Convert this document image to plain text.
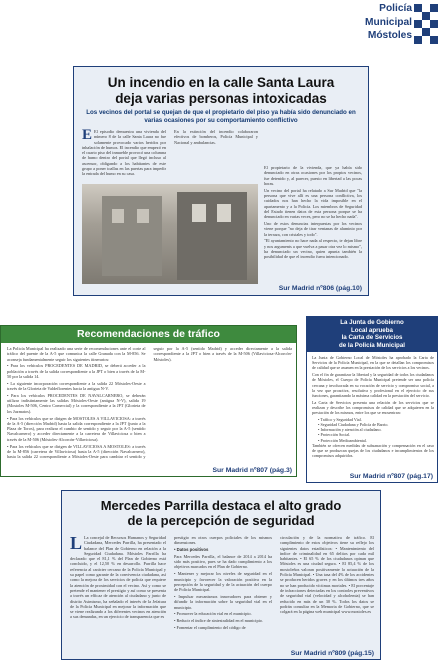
Policía
Municipal
Móstoles
Un incendio en la calle Santa Laura
deja varias personas intoxicadas
Los vecinos del portal se quejan de que el propietario del piso ya había sido denunciado en varias ocasiones por su comportamiento conflictivo

E El episodio demuestra una vivienda del número 8 de la calle Santa Laura no fue solamente provocado varios heridos por inhalación de humos. El incendio que empezó en el cuarto piso del inmueble provocó una columna de humo dentro del portal que llegó incluso al ascensor, obligando a los habitantes de este grupo a poner toallas en las puertas para impedir la entrada del humo en su casa.

En la extinción del incendio colaboraron efectivos de bomberos, Policía Municipal y Nacional y ambulancias.

El propietario de la vivienda, que ya había sido denunciado en otras ocasiones por los propios vecinos, fue detenido y, al parecer, puesto en libertad a las pocas horas.

Un vecino del portal ha relatado a Sur Madrid que "la persona que vive allí es una persona conflictiva, los cuidados nos han hecho la vida imposible en el apartamento y a la Policía. Los miembros de Seguridad del Estado tienen datos de esta persona porque se ha denunciado en varias veces, pero no se ha hecho nada".

Uno de estos denuncias interpuestas por los vecinos viene porque "no deja de tirar ventanas de aluminio por la terraza, con cristales y todo".

"El ayuntamiento no hace nada al respecto, te dejan libre y nos arguments a que vuelva a pasar otra vez lo mismo", ha denunciado un vecino, quien apunta también la posibilidad de que el incendio fuera intencionado.

Sur Madrid nº806 (pág.10)
Recomendaciones de tráfico

La Policía Municipal ha realizado una serie de recomendaciones ante el corte al tráfico del puente de la A-5 que comunica la calle Granada con la M-856. Se aconseja fundamentalmente seguir los siguientes itinerarios:

• Para los vehículos PROCEDENTES DE MADRID, se deberá acceder a la población a través de la salida correspondiente a la JPT o bien a través de la M-50 por la salida 14.

• La siguiente incorporación correspondiente a la salida 22 Móstoles-Oeste a través de la Glorieta de Valdeflorentes hacia la antigua N-V.

• Para los vehículos PROCEDENTES DE NAVALCARNERO, se deberán utilizar indistintamente las salidas Móstoles-Oeste (antigua N-V), salida 19 (Mostoles M-506, Centro Comercial) y la correspondiente a la JPT (Glorieta de los Juzmatos).

• Para los vehículos que se dirigen de MOSTOLES A VILLAVICIOSA: a través de la A-5 (dirección Madrid) hasta la salida correspondiente a la JPT (junto a la Plaza de Toros), para realizar el cambio de sentido y seguir por la A-5 (sentido Navalcarnero) y acceder directamente a la carretera de Villaviciosa o bien a través de la M-506 (Móstoles-Alcorcón-Villaviciosa).

• Para los vehículos que se dirigen de VILLAVICIOSA A MOSTOLES: a través de la M-856 (carretera de Villaviciosa) hasta la A-5 (dirección Navalcarnero), hasta la salida 22 correspondiente a Móstoles-Oeste para cambiar el sentido y seguir por la A-5 (sentido Madrid) y acceder directamente a la salida correspondiente a la JPT o bien a través de la M-506 (Villaviciosa-Alcorcón-Móstoles).

Sur Madrid nº807 (pág.3)
La Junta de Gobierno
Local aprueba
la Carta de Servicios
de la Policía Municipal

La Junta de Gobierno Local de Móstoles ha aprobado la Carta de Servicios de la Policía Municipal, en la que se detallan los compromisos de calidad que se asumen en la prestación de los servicios a los vecinos.

Con el fin de garantizar la libertad y la seguridad de todos los ciudadanos de Móstoles, el Cuerpo de Policía Municipal pretende ser una policía cercana y involucrada en su vocación de servicio y compromiso social, a la vez que proactiva, resolutiva y profesional en el ejercicio de sus funciones, garantizando la máxima calidad en la prestación del servicio.

La Carta de Servicios presenta una relación de los servicios que se realizan y describe los compromisos de calidad que se adquieren en la prestación de los mismos, entre los que se encuentran:

• Tráfico y Seguridad Vial.
• Seguridad Ciudadana y Policía de Barrio.
• Información y atención al ciudadano.
• Protección Social.
• Protección Medioambiental.

También se ofrecen medidas de subsanación y compensación en el caso de que se produzcan quejas de los ciudadanos e incumplimientos de los compromisos adquiridos.

Sur Madrid nº807 (pág.17)
Mercedes Parrilla destaca el alto grado
de la percepción de seguridad

L La concejal de Recursos Humanos y Seguridad Ciudadana, Mercedes Parrilla, ha presentado el balance del Plan de Gobierno en relación a la Seguridad Ciudadana. Móstoles Parrilla ha declarado que el 81,1 % del Plan de Gobierno está concluido, y el 12,50 % en desarrollo. Parrilla hace referencia al carácter cercano de la Policía Municipal y su papel como garante de la convivencia ciudadana, así como la mejora de los servicios de policía que requiere la atención de proximidad con el vecino. Así y como se pretende el mantener el prestigio y así como se presenta a través un efficaz de atención al ciudadano y junto de distrito Asimismo, ha señalado el interés de la Jefatura de la Policía Municipal en mejorar la información que se viene realizando a los diferentes vecinos en atención a sus demandas, en un ejercicio de transparencia que es

prestigio en otros cuerpos policiales de los mismos dimensiones.

• Datos positivos

Para Mercedes Parrilla, el balance de 2014 a 2014 ha sido más positivo, pues se ha dado cumplimiento a los objetivos marcados en el Plan de Gobierno.

• Mantener y mejorar los niveles de seguridad en el municipio y favorecer la valoración positiva en la percepción de la seguridad y de la actuación del cuerpo de Policía Municipal.

• Impulsar mecanismos innovadores para obtener y difundir la información sobre la seguridad vial en el municipio.

• Promover la educación vial en el municipio.

• Reducir el índice de siniestralidad en el municipio.

• Fomentar el cumplimiento del código de

circulación y de la normativa de tráfico. El cumplimiento de estos objetivos tiene su reflejo los siguientes datos estadísticos: • Mantenimiento del índice de criminalidad en 65 delitos por cada mil habitantes. • El 65 % de los ciudadanos opinan que Móstoles es una ciudad segura. • El 85,4 % de los mostoleños valoran positivamente la actuación de la Policía Municipal. • Una tasa del 4% de los accidentes se producen heridos graves y en los últimos tres años no se han producido víctimas mortales. • El porcentaje de infracciones detectadas en los controles preventivos de seguridad vial (velocidad y alcoholemia) se han reducido en más de un 30 %. Todos los datos se podrán consultar en la Memoria de Gobierno, que se colgará en la página web municipal www.mostoles.es

Sur Madrid nº809 (pág.15)
